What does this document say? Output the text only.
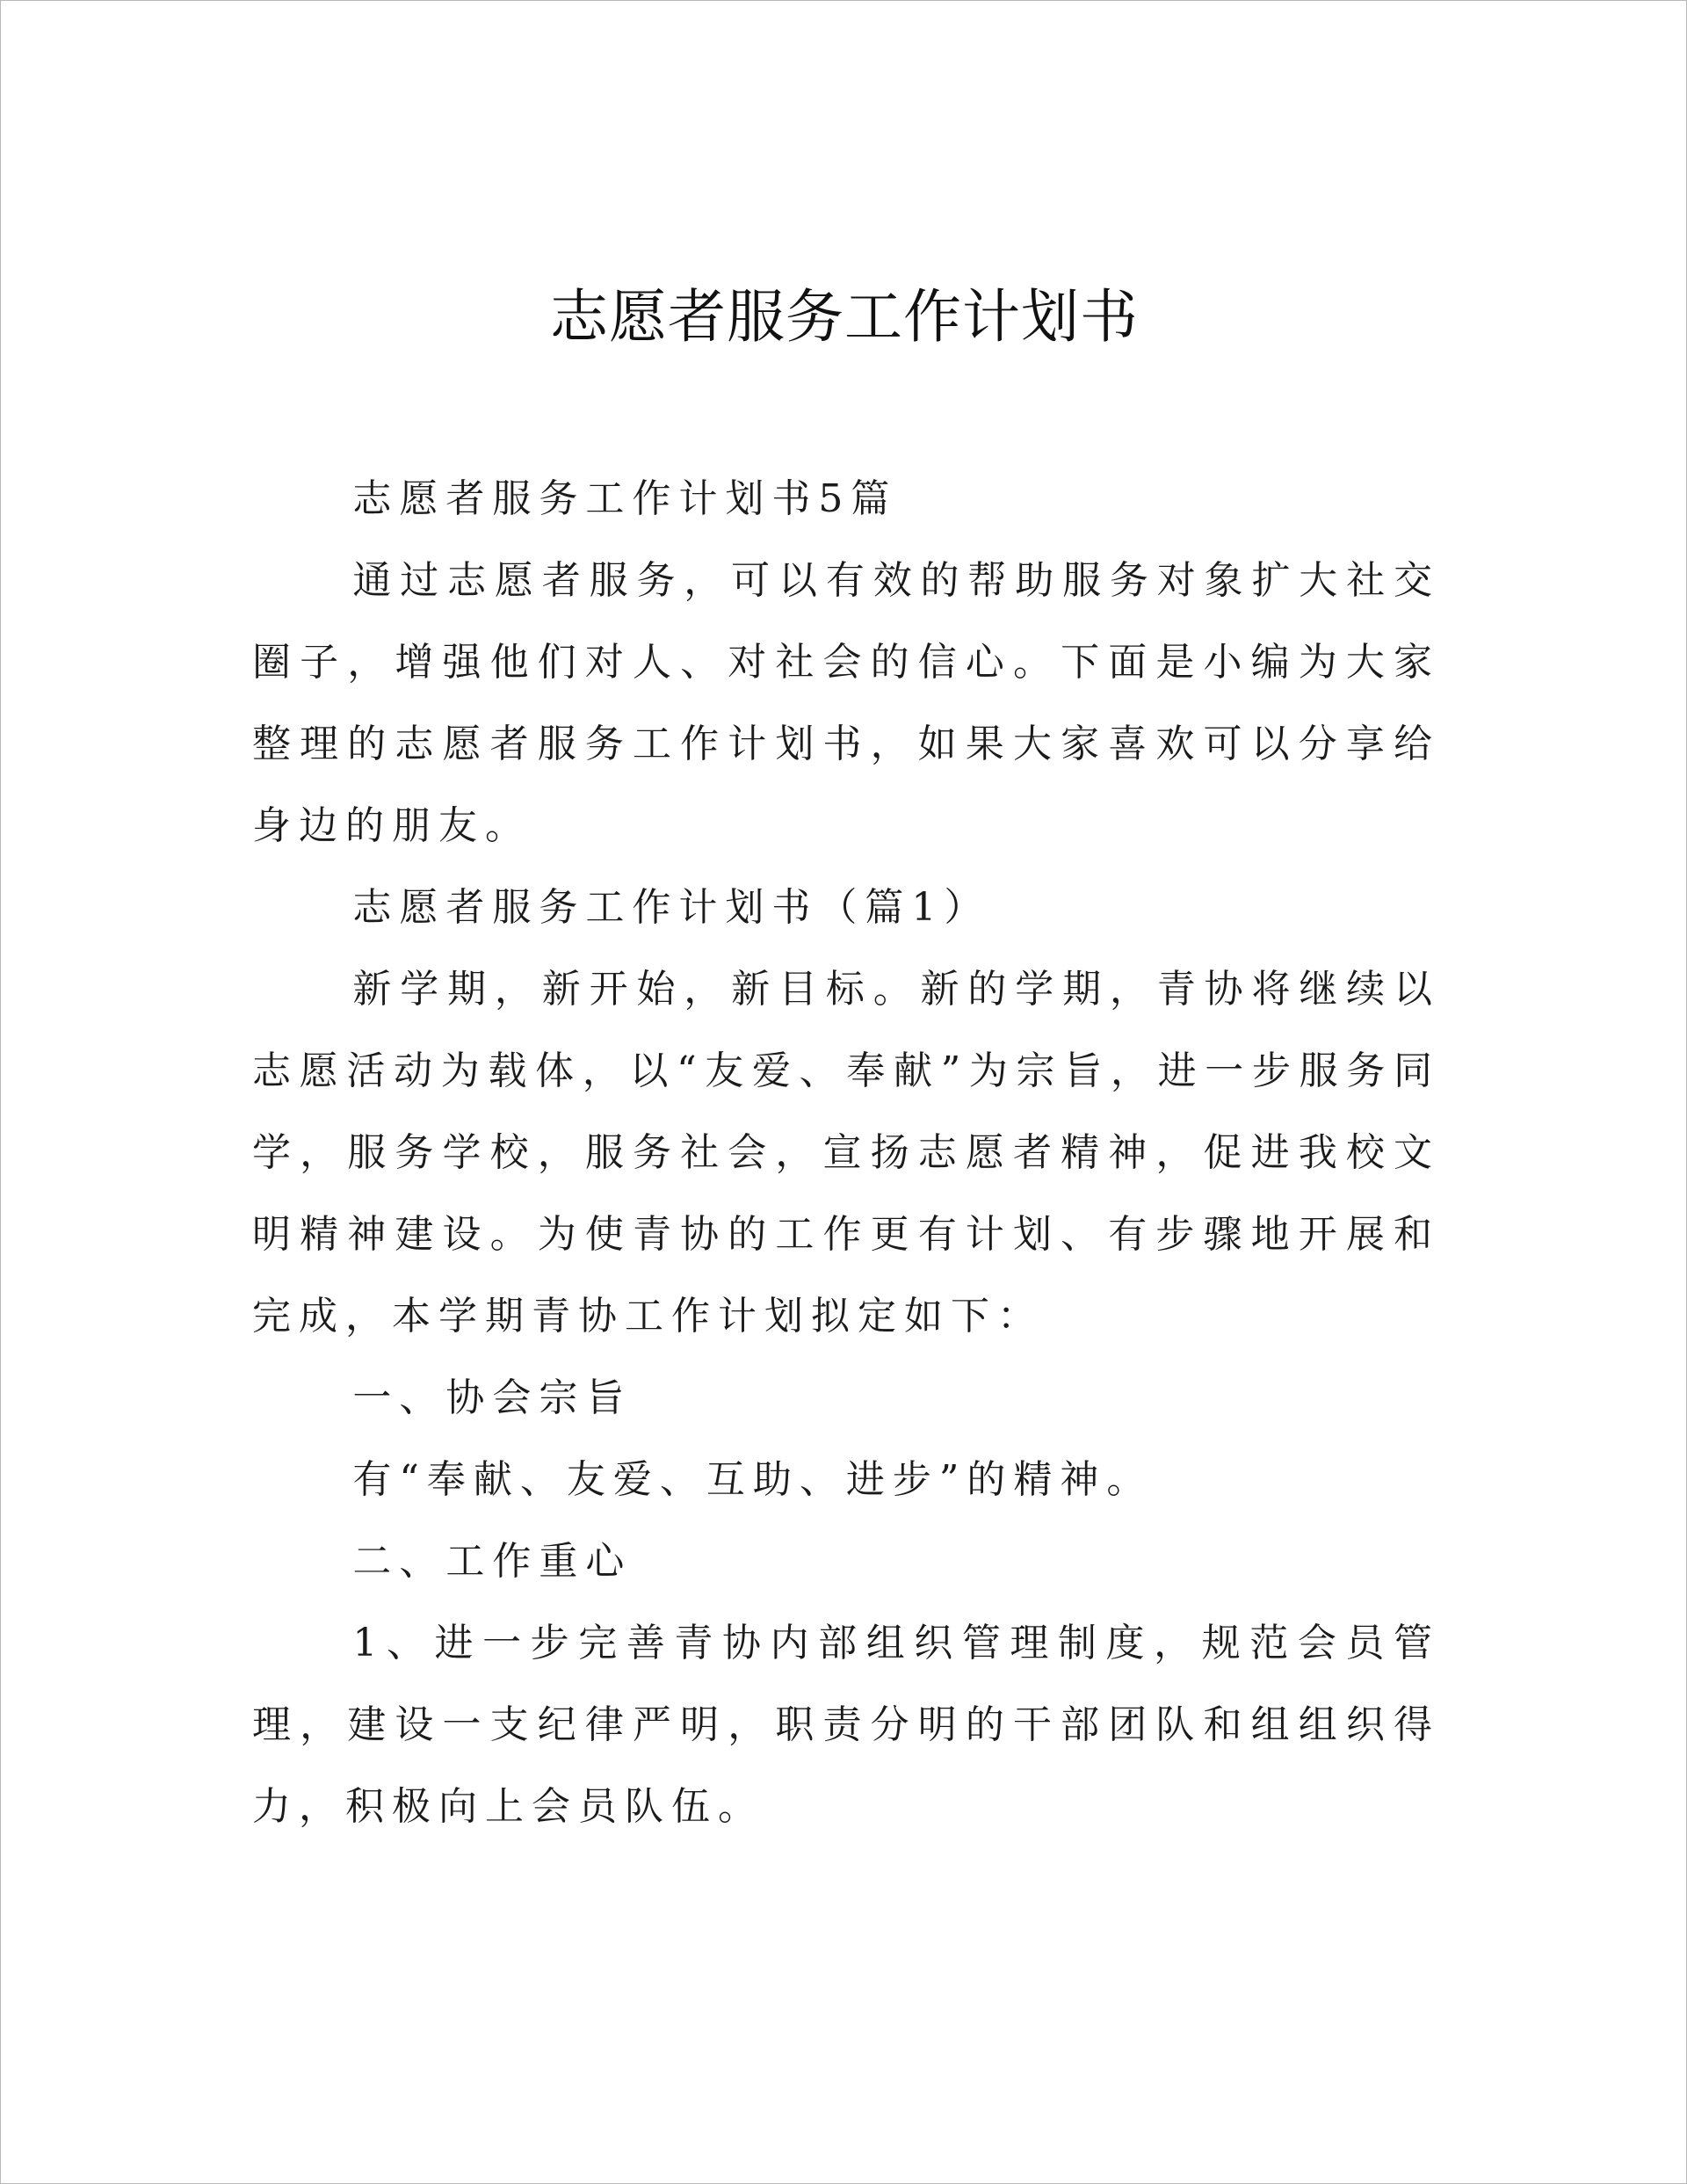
志愿者服务工作计划书

志愿者服务工作计划书5篇

通过志愿者服务，可以有效的帮助服务对象扩大社交圈子，增强他们对人、对社会的信心。下面是小编为大家整理的志愿者服务工作计划书，如果大家喜欢可以分享给身边的朋友。

志愿者服务工作计划书（篇1）

新学期，新开始，新目标。新的学期，青协将继续以志愿活动为载体，以“友爱、奉献”为宗旨，进一步服务同学，服务学校，服务社会，宣扬志愿者精神，促进我校文明精神建设。为使青协的工作更有计划、有步骤地开展和完成，本学期青协工作计划拟定如下：

一、协会宗旨

有“奉献、友爱、互助、进步”的精神。

二、工作重心

1、进一步完善青协内部组织管理制度，规范会员管理，建设一支纪律严明，职责分明的干部团队和组组织得力，积极向上会员队伍。
